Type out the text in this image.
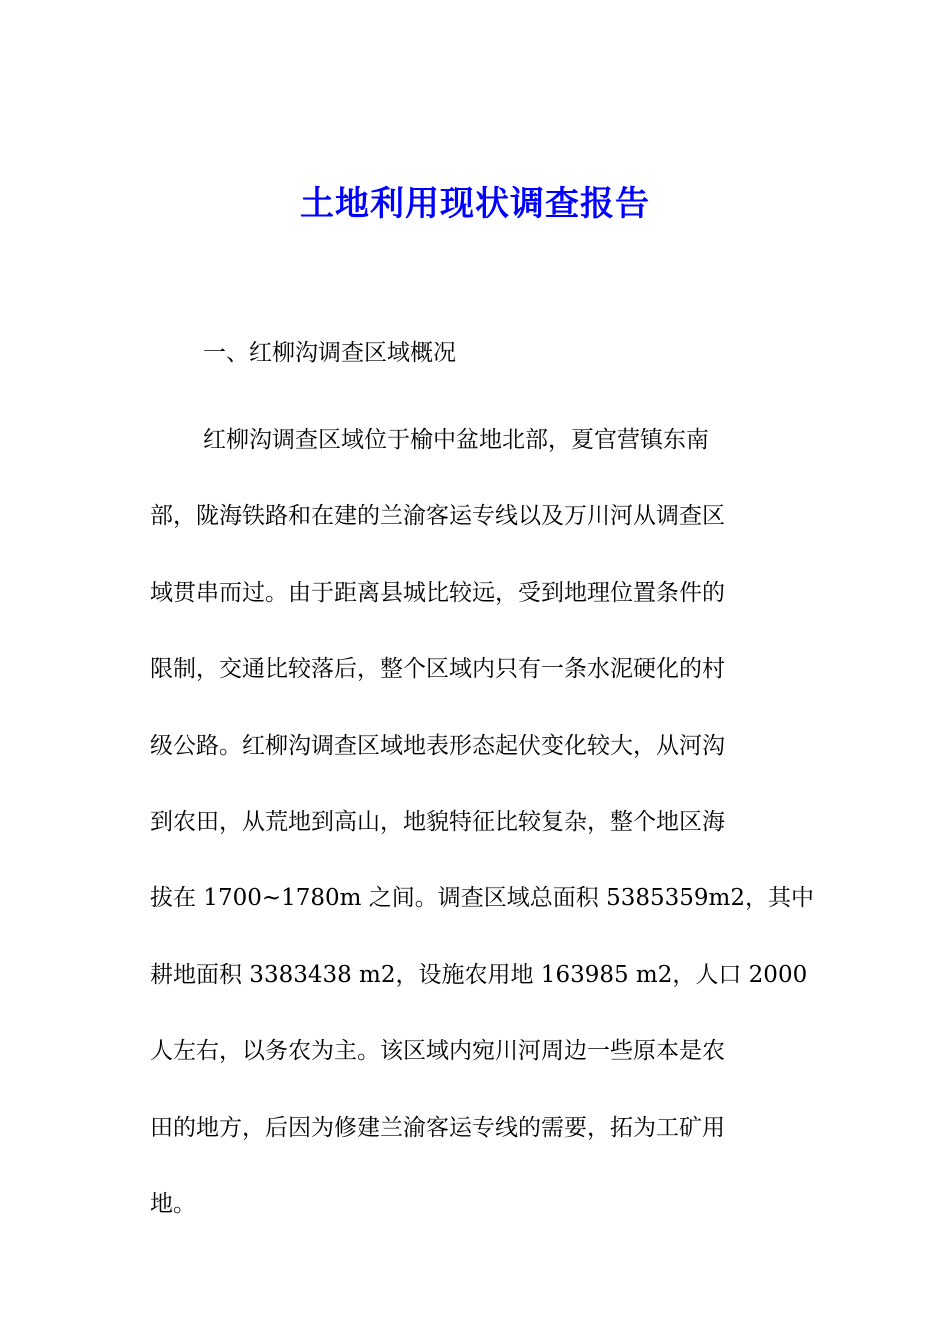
土地利用现状调查报告
一、红柳沟调查区域概况

红柳沟调查区域位于榆中盆地北部，夏官营镇东南
部，陇海铁路和在建的兰渝客运专线以及万川河从调查区
域贯串而过。由于距离县城比较远，受到地理位置条件的
限制，交通比较落后，整个区域内只有一条水泥硬化的村
级公路。红柳沟调查区域地表形态起伏变化较大，从河沟
到农田，从荒地到高山，地貌特征比较复杂，整个地区海
拔在 1700~1780m 之间。调查区域总面积 5385359m2，其中
耕地面积 3383438 m2，设施农用地 163985 m2，人口 2000
人左右，以务农为主。该区域内宛川河周边一些原本是农
田的地方，后因为修建兰渝客运专线的需要，拓为工矿用
地。
